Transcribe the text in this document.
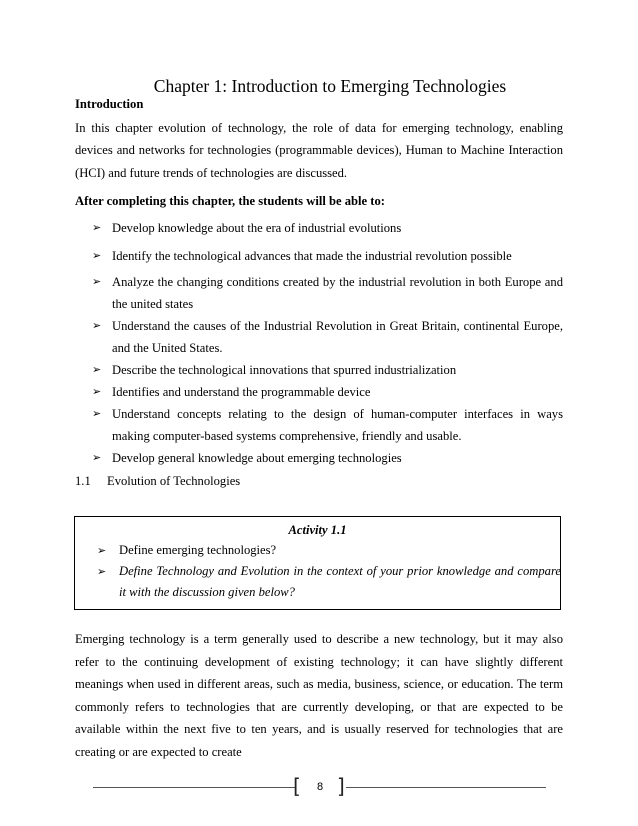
Chapter 1: Introduction to Emerging Technologies
Introduction
In this chapter evolution of technology, the role of data for emerging technology, enabling devices and networks for technologies (programmable devices), Human to Machine Interaction (HCI) and future trends of technologies are discussed.
After completing this chapter, the students will be able to:
➢ Develop knowledge about the era of industrial evolutions
➢ Identify the technological advances that made the industrial revolution possible
➢ Analyze the changing conditions created by the industrial revolution in both Europe and the united states
➢ Understand the causes of the Industrial Revolution in Great Britain, continental Europe, and the United States.
➢ Describe the technological innovations that spurred industrialization
➢ Identifies and understand the programmable device
➢ Understand concepts relating to the design of human-computer interfaces in ways making computer-based systems comprehensive, friendly and usable.
➢ Develop general knowledge about emerging technologies
1.1 Evolution of Technologies
Activity 1.1
➢ Define emerging technologies?
➢ Define Technology and Evolution in the context of your prior knowledge and compare it with the discussion given below?
Emerging technology is a term generally used to describe a new technology, but it may also refer to the continuing development of existing technology; it can have slightly different meanings when used in different areas, such as media, business, science, or education. The term commonly refers to technologies that are currently developing, or that are expected to be available within the next five to ten years, and is usually reserved for technologies that are creating or are expected to create
[	8 ]
